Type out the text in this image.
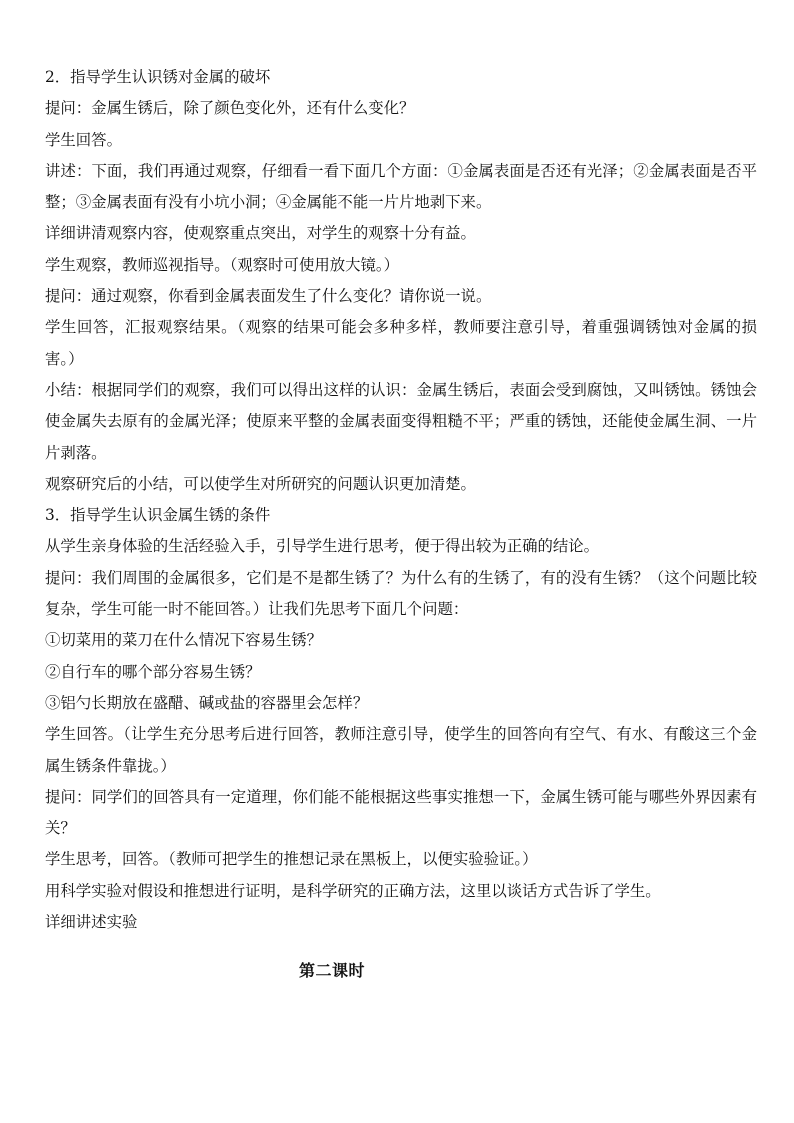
2．指导学生认识锈对金属的破坏
提问：金属生锈后，除了颜色变化外，还有什么变化？
学生回答。
讲述：下面，我们再通过观察，仔细看一看下面几个方面：①金属表面是否还有光泽；②金属表面是否平整；③金属表面有没有小坑小洞；④金属能不能一片片地剥下来。
详细讲清观察内容，使观察重点突出，对学生的观察十分有益。
学生观察，教师巡视指导。（观察时可使用放大镜。）
提问：通过观察，你看到金属表面发生了什么变化？请你说一说。
学生回答，汇报观察结果。（观察的结果可能会多种多样，教师要注意引导，着重强调锈蚀对金属的损害。）
小结：根据同学们的观察，我们可以得出这样的认识：金属生锈后，表面会受到腐蚀，又叫锈蚀。锈蚀会使金属失去原有的金属光泽；使原来平整的金属表面变得粗糙不平；严重的锈蚀，还能使金属生洞、一片片剥落。
观察研究后的小结，可以使学生对所研究的问题认识更加清楚。
3．指导学生认识金属生锈的条件
从学生亲身体验的生活经验入手，引导学生进行思考，便于得出较为正确的结论。
提问：我们周围的金属很多，它们是不是都生锈了？为什么有的生锈了，有的没有生锈？（这个问题比较复杂，学生可能一时不能回答。）让我们先思考下面几个问题：
①切菜用的菜刀在什么情况下容易生锈？
②自行车的哪个部分容易生锈？
③铝勺长期放在盛醋、碱或盐的容器里会怎样？
学生回答。（让学生充分思考后进行回答，教师注意引导，使学生的回答向有空气、有水、有酸这三个金属生锈条件靠拢。）
提问：同学们的回答具有一定道理，你们能不能根据这些事实推想一下，金属生锈可能与哪些外界因素有关？
学生思考，回答。（教师可把学生的推想记录在黑板上，以便实验验证。）
用科学实验对假设和推想进行证明，是科学研究的正确方法，这里以谈话方式告诉了学生。
详细讲述实验
第二课时
